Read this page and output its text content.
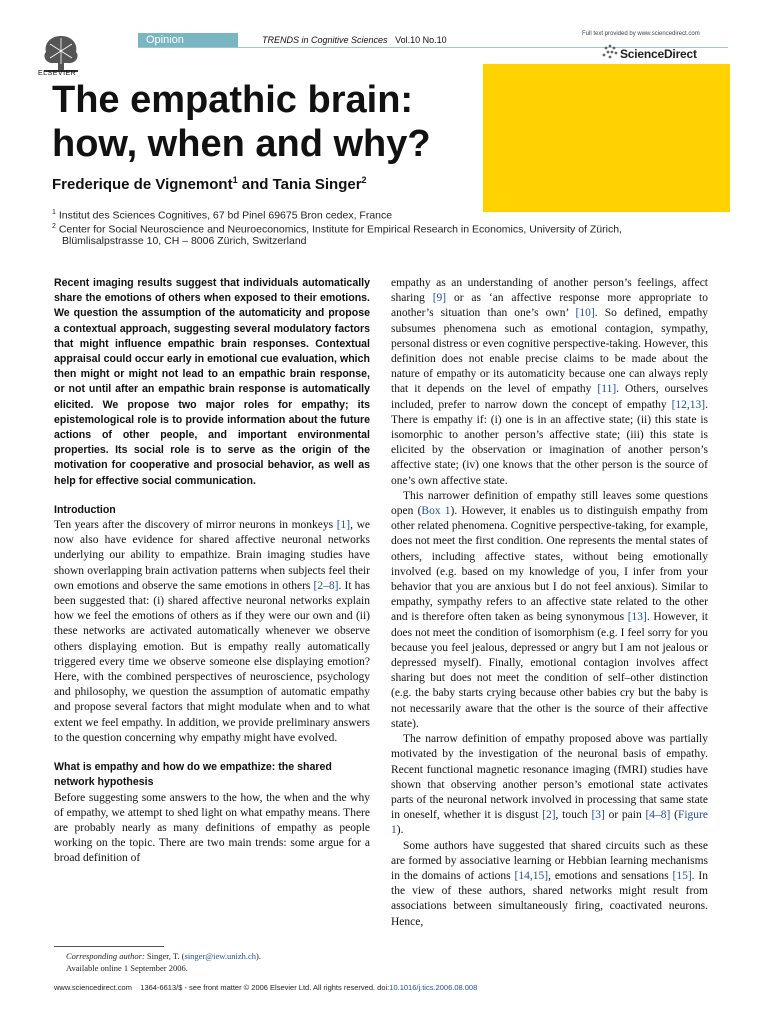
ELSEVIER
Opinion	TRENDS in Cognitive Sciences Vol.10 No.10
Full text provided by www.sciencedirect.com
ScienceDirect
The empathic brain: how, when and why?
Frederique de Vignemont$^1$ and Tania Singer$^2$
$^1$ Institut des Sciences Cognitives, 67 bd Pinel 69675 Bron cedex, France
$^2$ Center for Social Neuroscience and Neuroeconomics, Institute for Empirical Research in Economics, University of Zürich,
Blümlisalpstrasse 10, CH – 8006 Zürich, Switzerland

Recent imaging results suggest that individuals automatically share the emotions of others when exposed to their emotions. We question the assumption of the automaticity and propose a contextual approach, suggesting several modulatory factors that might influence empathic brain responses. Contextual appraisal could occur early in emotional cue evaluation, which then might or might not lead to an empathic brain response, or not until after an empathic brain response is automatically elicited. We propose two major roles for empathy; its epistemological role is to provide information about the future actions of other people, and important environmental properties. Its social role is to serve as the origin of the motivation for cooperative and prosocial behavior, as well as help for effective social communication.

Introduction

Ten years after the discovery of mirror neurons in monkeys [1], we now also have evidence for shared affective neuronal networks underlying our ability to empathize. Brain imaging studies have shown overlapping brain activation patterns when subjects feel their own emotions and observe the same emotions in others [2–8]. It has been suggested that: (i) shared affective neuronal networks explain how we feel the emotions of others as if they were our own and (ii) these networks are activated automatically whenever we observe others displaying emotion. But is empathy really automatically triggered every time we observe someone else displaying emotion? Here, with the combined perspectives of neuroscience, psychology and philosophy, we question the assumption of automatic empathy and propose several factors that might modulate when and to what extent we feel empathy. In addition, we provide preliminary answers to the question concerning why empathy might have evolved.

What is empathy and how do we empathize: the shared network hypothesis

Before suggesting some answers to the how, the when and the why of empathy, we attempt to shed light on what empathy means. There are probably nearly as many definitions of empathy as people working on the topic. There are two main trends: some argue for a broad definition of

empathy as an understanding of another person’s feelings, affect sharing [9] or as ‘an affective response more appropriate to another’s situation than one’s own’ [10]. So defined, empathy subsumes phenomena such as emotional contagion, sympathy, personal distress or even cognitive perspective-taking. However, this definition does not enable precise claims to be made about the nature of empathy or its automaticity because one can always reply that it depends on the level of empathy [11]. Others, ourselves included, prefer to narrow down the concept of empathy [12,13]. There is empathy if: (i) one is in an affective state; (ii) this state is isomorphic to another person’s affective state; (iii) this state is elicited by the observation or imagination of another person’s affective state; (iv) one knows that the other person is the source of one’s own affective state.

This narrower definition of empathy still leaves some questions open (Box 1). However, it enables us to distinguish empathy from other related phenomena. Cognitive perspective-taking, for example, does not meet the first condition. One represents the mental states of others, including affective states, without being emotionally involved (e.g. based on my knowledge of you, I infer from your behavior that you are anxious but I do not feel anxious). Similar to empathy, sympathy refers to an affective state related to the other and is therefore often taken as being synonymous [13]. However, it does not meet the condition of isomorphism (e.g. I feel sorry for you because you feel jealous, depressed or angry but I am not jealous or depressed myself). Finally, emotional contagion involves affect sharing but does not meet the condition of self–other distinction (e.g. the baby starts crying because other babies cry but the baby is not necessarily aware that the other is the source of their affective state).

The narrow definition of empathy proposed above was partially motivated by the investigation of the neuronal basis of empathy. Recent functional magnetic resonance imaging (fMRI) studies have shown that observing another person’s emotional state activates parts of the neuronal network involved in processing that same state in oneself, whether it is disgust [2], touch [3] or pain [4–8] (Figure 1).

Some authors have suggested that shared circuits such as these are formed by associative learning or Hebbian learning mechanisms in the domains of actions [14,15], emotions and sensations [15]. In the view of these authors, shared networks might result from associations between simultaneously firing, coactivated neurons. Hence,

Corresponding author: Singer, T. (singer@iew.unizh.ch).
Available online 1 September 2006.
www.sciencedirect.com    1364-6613/$ - see front matter © 2006 Elsevier Ltd. All rights reserved. doi:10.1016/j.tics.2006.08.008
